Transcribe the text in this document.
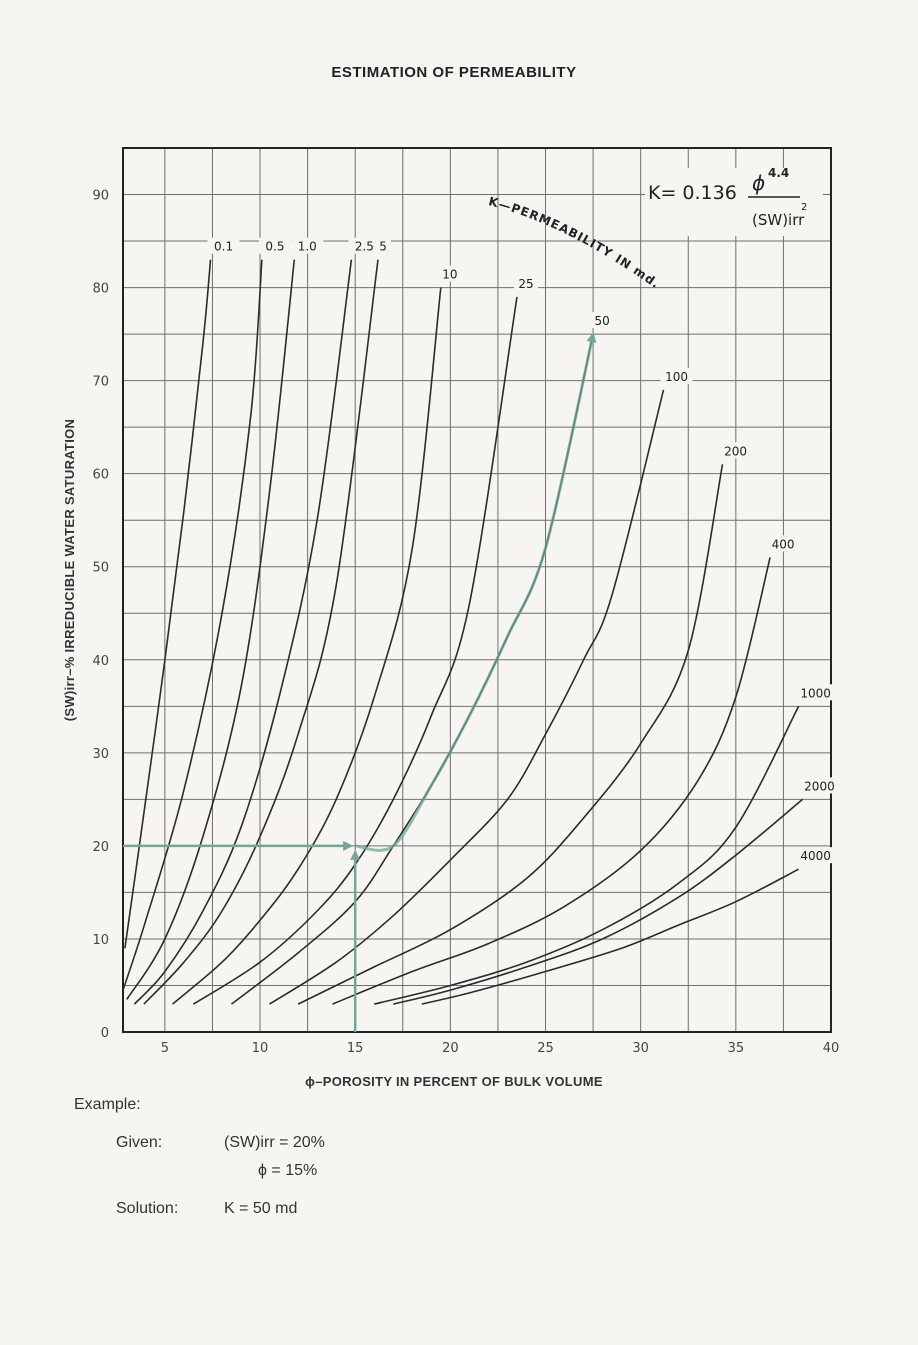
ESTIMATION OF PERMEABILITY
5	10	15	20	25	30	35	40
0
10
20
30
40
50
60
70
80
90
0.1	0.5 1.0	2.5 5
10
25
50
100
200
400
1000
2000
4000
K= 0.136 ϕ 4.4
(SW)irr
2
K—PERMEABILITY IN md.
ϕ–POROSITY IN PERCENT OF BULK VOLUME
(SW)irr–% IRREDUCIBLE WATER SATURATION
Example:
Given:	(SW)irr = 20%
ϕ = 15%
Solution:	K = 50 md
